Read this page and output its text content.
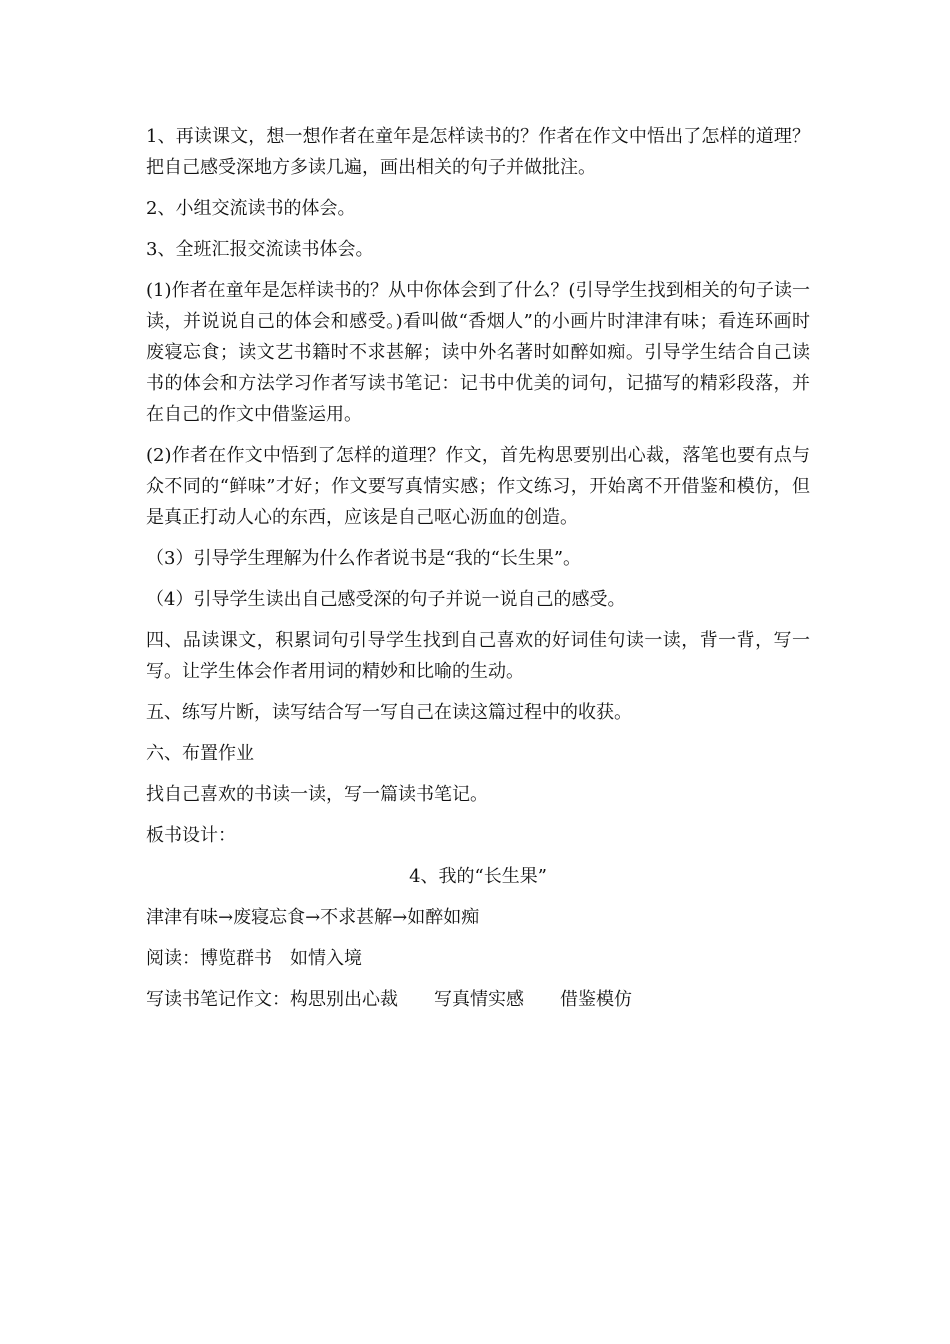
1、再读课文，想一想作者在童年是怎样读书的？作者在作文中悟出了怎样的道理？把自己感受深地方多读几遍，画出相关的句子并做批注。

2、小组交流读书的体会。

3、全班汇报交流读书体会。

(1)作者在童年是怎样读书的？从中你体会到了什么？(引导学生找到相关的句子读一读，并说说自己的体会和感受。)看叫做“香烟人”的小画片时津津有味；看连环画时废寝忘食；读文艺书籍时不求甚解；读中外名著时如醉如痴。引导学生结合自己读书的体会和方法学习作者写读书笔记：记书中优美的词句，记描写的精彩段落，并在自己的作文中借鉴运用。

(2)作者在作文中悟到了怎样的道理？作文，首先构思要别出心裁，落笔也要有点与众不同的“鲜味”才好；作文要写真情实感；作文练习，开始离不开借鉴和模仿，但是真正打动人心的东西，应该是自己呕心沥血的创造。

（3）引导学生理解为什么作者说书是“我的“长生果”。

（4）引导学生读出自己感受深的句子并说一说自己的感受。

四、品读课文，积累词句引导学生找到自己喜欢的好词佳句读一读，背一背，写一写。让学生体会作者用词的精妙和比喻的生动。

五、练写片断，读写结合写一写自己在读这篇过程中的收获。

六、布置作业

找自己喜欢的书读一读，写一篇读书笔记。

板书设计：

4、我的“长生果”

津津有味→废寝忘食→不求甚解→如醉如痴

阅读：博览群书 如情入境

写读书笔记作文：构思别出心裁 写真情实感 借鉴模仿
